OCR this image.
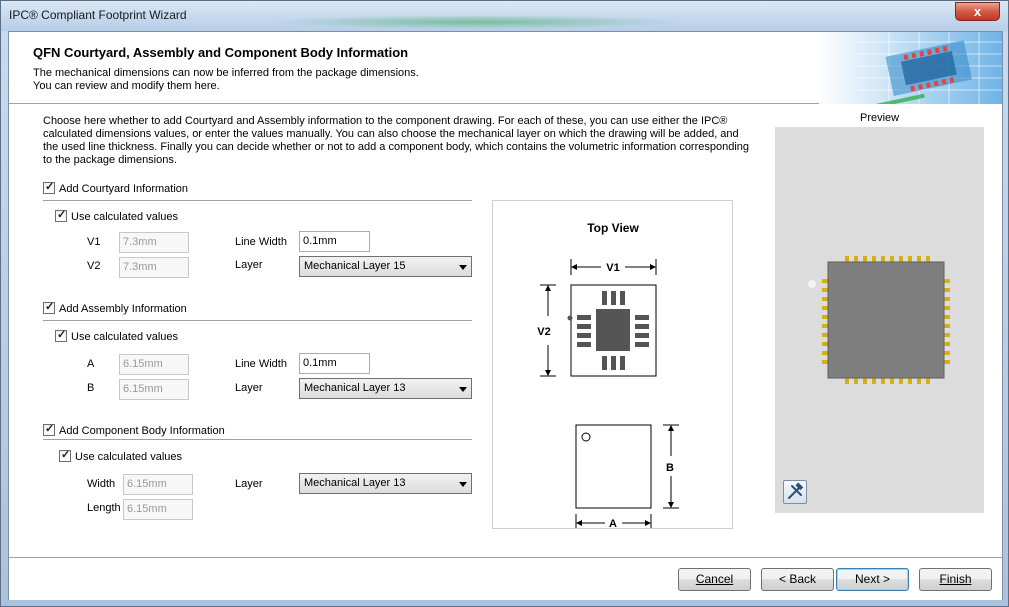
IPC® Compliant Footprint Wizard	x
QFN Courtyard, Assembly and Component Body Information
The mechanical dimensions can now be inferred from the package dimensions.
You can review and modify them here.
Choose here whether to add Courtyard and Assembly information to the component drawing. For each of these, you can use either the IPC® calculated dimensions values, or enter the values manually. You can also choose the mechanical layer on which the drawing will be added, and the used line thickness. Finally you can decide whether or not to add a component body, which contains the volumetric information corresponding to the package dimensions.
✓Add Courtyard Information
✓Use calculated values
V1	7.3mm
V2	7.3mm
Line Width	0.1mm
Layer	Mechanical Layer 15
✓Add Assembly Information
✓Use calculated values
A	6.15mm
B	6.15mm
Line Width	0.1mm
Layer	Mechanical Layer 13
✓Add Component Body Information
✓Use calculated values
Width	6.15mm
Length 6.15mm
Layer	Mechanical Layer 13
Top View
V1
V2
B
A
Preview
Cancel	< Back	Next >	Finish
